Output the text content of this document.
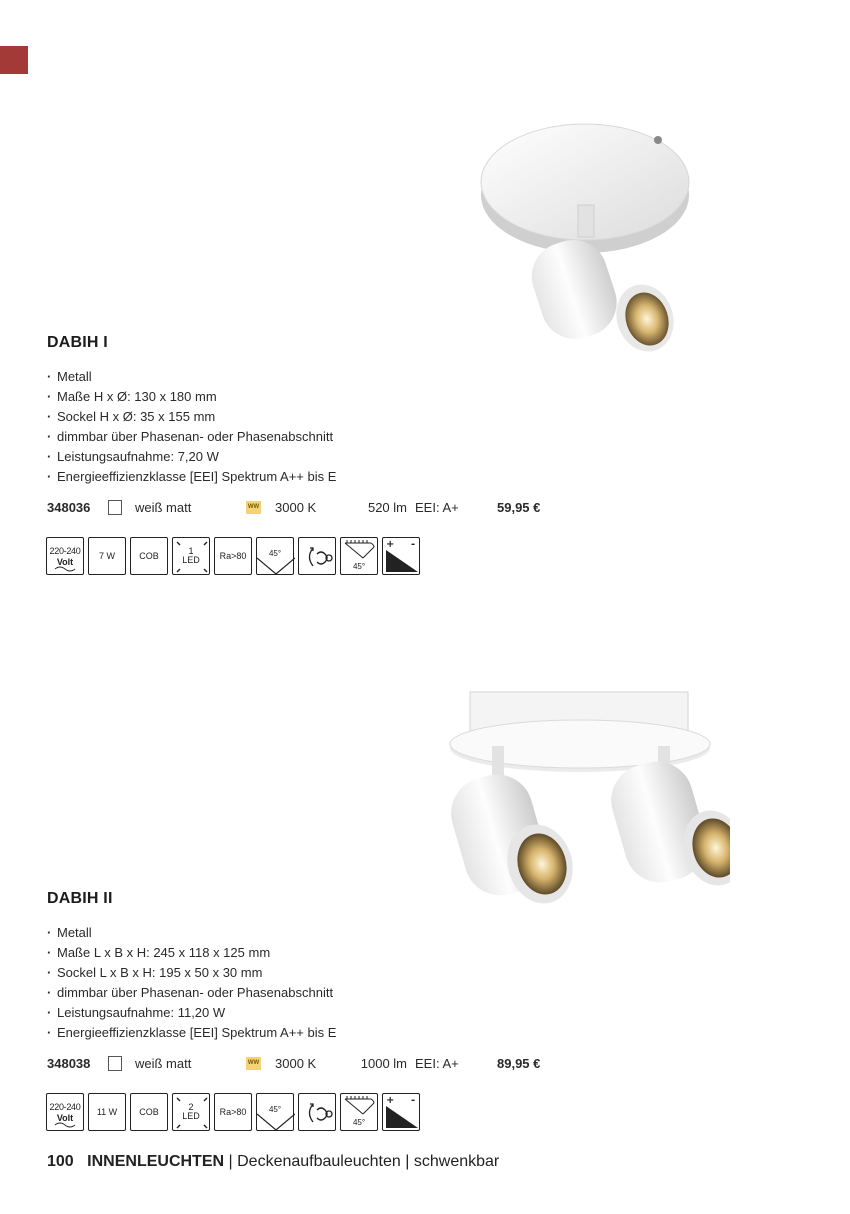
DABIH I
· Metall
· Maße H x Ø: 130 x 180 mm
· Sockel H x Ø: 35 x 155 mm
· dimmbar über Phasenan- oder Phasenabschnitt
· Leistungsaufnahme: 7,20 W
· Energieeffizienzklasse [EEI] Spektrum A++ bis E
348036	weiß matt	WW 3000 K	520 lm EEI: A+	59,95 €
220-240
Volt
7 W	COB	1
LED Ra>80	45°
45°
+ -
DABIH II
· Metall
· Maße L x B x H: 245 x 118 x 125 mm
· Sockel L x B x H: 195 x 50 x 30 mm
· dimmbar über Phasenan- oder Phasenabschnitt
· Leistungsaufnahme: 11,20 W
· Energieeffizienzklasse [EEI] Spektrum A++ bis E
348038	weiß matt	WW 3000 K	1000 lm EEI: A+	89,95 €
220-240
Volt
11 W COB	2
LED Ra>80	45°
45°
+ -
100 INNENLEUCHTEN | Deckenaufbauleuchten | schwenkbar
